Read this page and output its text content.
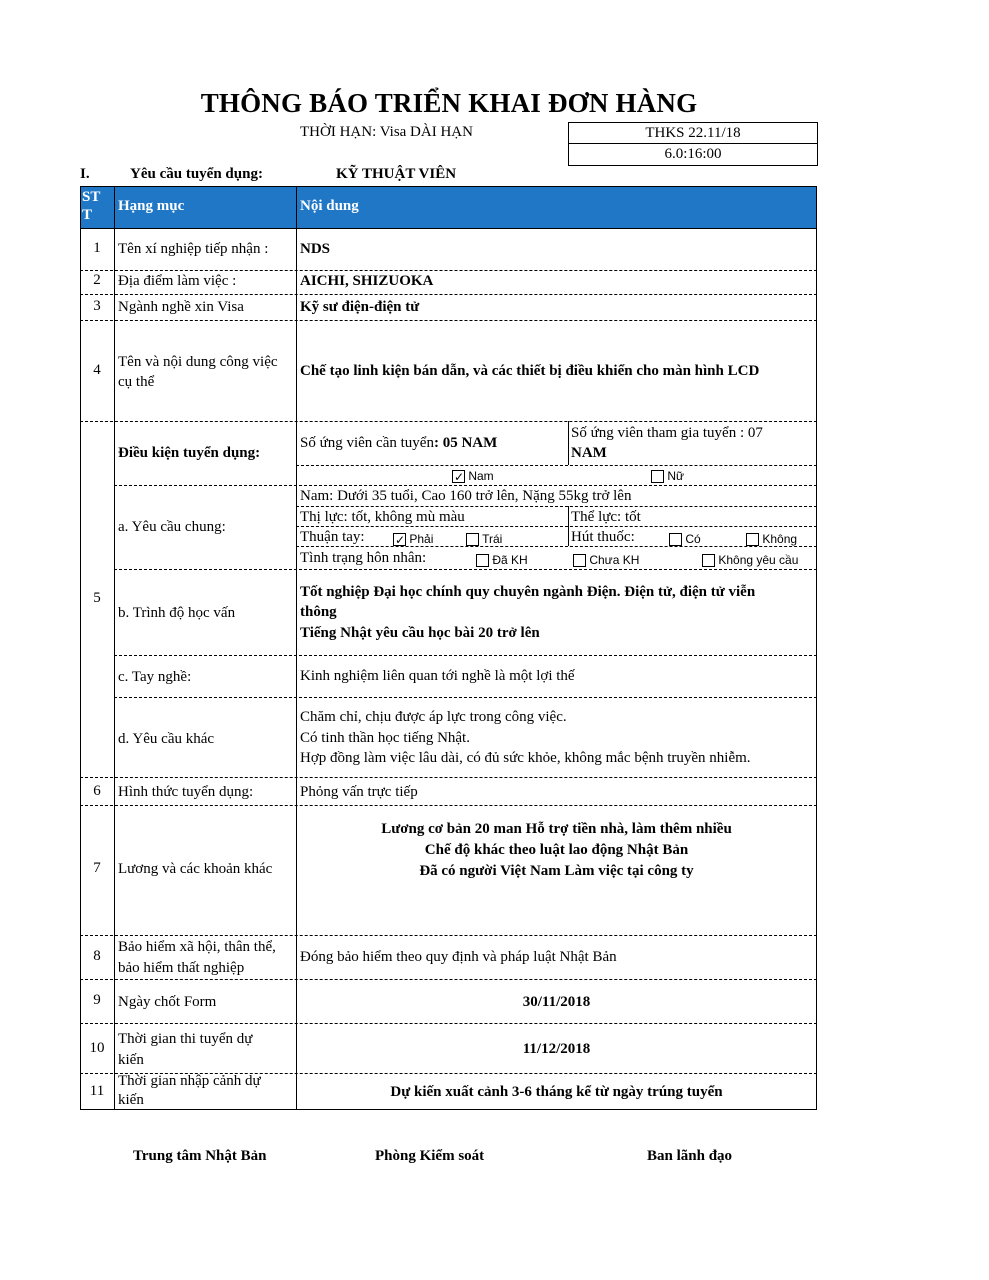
THÔNG BÁO TRIỂN KHAI ĐƠN HÀNG
THỜI HẠN: Visa DÀI HẠN	THKS 22.11/18
6.0:16:00
I.	Yêu cầu tuyển dụng:	KỸ THUẬT VIÊN
ST T
Hạng mục	Nội dung
1	Tên xí nghiệp tiếp nhận : NDS
2	Địa điểm làm việc :	AICHI, SHIZUOKA
3	Ngành nghề xin Visa	Kỹ sư điện-điện tử
4	Tên và nội dung công việc cụ thể
Chế tạo linh kiện bán dẫn, và các thiết bị điều khiển cho màn hình LCD
5
Điều kiện tuyển dụng:
Số ứng viên cần tuyển: 05 NAM
Số ứng viên tham gia tuyển : 07
NAM
✓ Nam	Nữ
a. Yêu cầu chung:
Nam: Dưới 35 tuổi, Cao 160 trở lên, Nặng 55kg trở lên
Thị lực: tốt, không mù màu	Thể lực: tốt
Thuận tay:
✓	Phải	Trái	Hút thuốc:	Có	Không
Tình trạng hôn nhân:	Đã KH	Chưa KH	Không yêu cầu
b. Trình độ học vấn
Tốt nghiệp Đại học chính quy chuyên ngành Điện. Điện tử, điện tử viễn
thông
Tiếng Nhật yêu cầu học bài 20 trở lên
c. Tay nghề:	Kinh nghiệm liên quan tới nghề là một lợi thế
d. Yêu cầu khác
Chăm chỉ, chịu được áp lực trong công việc.
Có tinh thần học tiếng Nhật.
Hợp đồng làm việc lâu dài, có đủ sức khỏe, không mắc bệnh truyền nhiễm.
6	Hình thức tuyển dụng:	Phỏng vấn trực tiếp
7	Lương và các khoản khác
Lương cơ bản 20 man Hỗ trợ tiền nhà, làm thêm nhiều
Chế độ khác theo luật lao động Nhật Bản
Đã có người Việt Nam Làm việc tại công ty
8
Bảo hiểm xã hội, thân thể,
bảo hiểm thất nghiệp
Đóng bảo hiểm theo quy định và pháp luật Nhật Bản
9	Ngày chốt Form	30/11/2018
10
Thời gian thi tuyển dự
kiến
11/12/2018
11
Thời gian nhập cảnh dự
kiến	Dự kiến xuất cảnh 3-6 tháng kể từ ngày trúng tuyển
Trung tâm Nhật Bản	Phòng Kiểm soát	Ban lãnh đạo
